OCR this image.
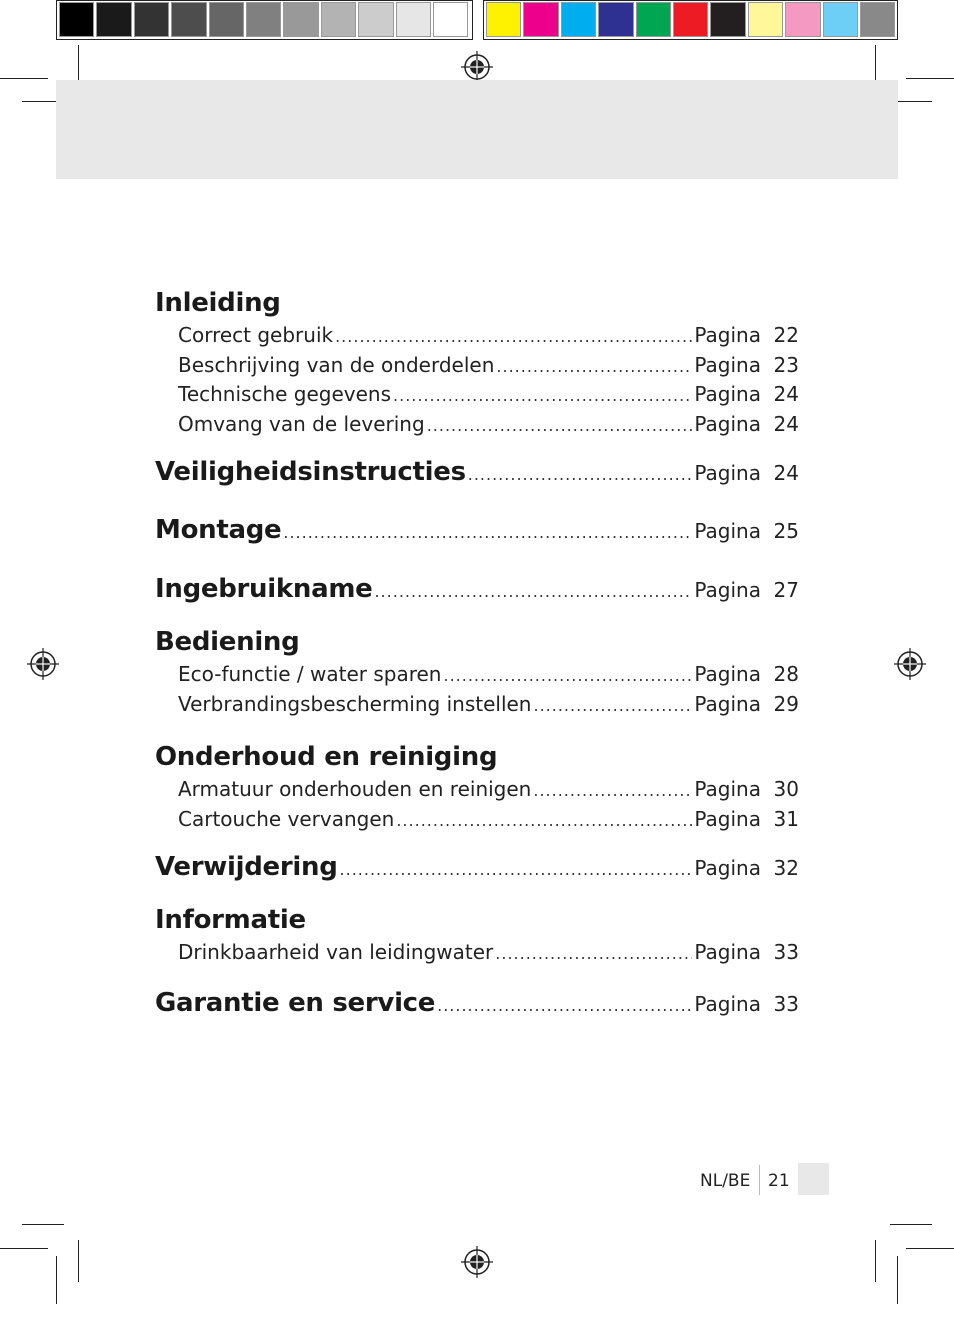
Inleiding
Correct gebruik .....	Pagina 22
Beschrijving van de onderdelen .....	Pagina 23
Technische gegevens .....	Pagina 24
Omvang van de levering .....	Pagina 24
Veiligheidsinstructies .....	Pagina 24
Montage .....	Pagina 25
Ingebruikname .....	Pagina 27
Bediening
Eco-functie / water sparen .....	Pagina 28
Verbrandingsbescherming instellen .....	Pagina 29
Onderhoud en reiniging
Armatuur onderhouden en reinigen .....	Pagina 30
Cartouche vervangen .....	Pagina 31
Verwijdering .....	Pagina 32
Informatie
Drinkbaarheid van leidingwater .....	Pagina 33
Garantie en service .....	Pagina 33
NL/BE 21
